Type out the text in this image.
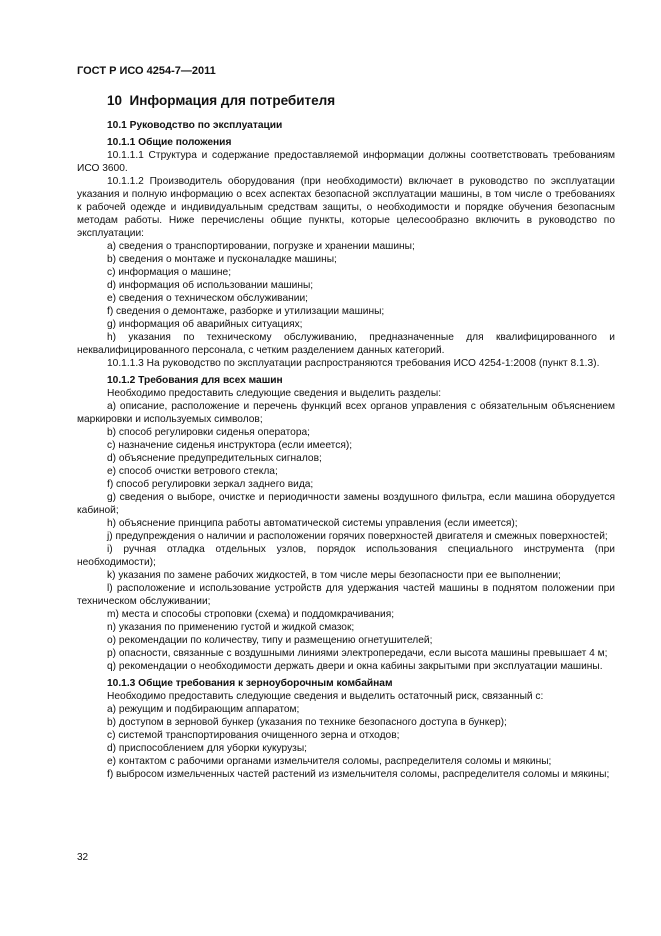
ГОСТ Р ИСО 4254-7—2011
10 Информация для потребителя
10.1 Руководство по эксплуатации
10.1.1 Общие положения

10.1.1.1 Структура и содержание предоставляемой информации должны соответствовать требованиям ИСО 3600.

10.1.1.2 Производитель оборудования (при необходимости) включает в руководство по эксплуатации указания и полную информацию о всех аспектах безопасной эксплуатации машины, в том числе о требованиях к рабочей одежде и индивидуальным средствам защиты, о необходимости и порядке обучения безопасным методам работы. Ниже перечислены общие пункты, которые целесообразно включить в руководство по эксплуатации:

a) сведения о транспортировании, погрузке и хранении машины;
b) сведения о монтаже и пусконаладке машины;
c) информация о машине;
d) информация об использовании машины;
e) сведения о техническом обслуживании;
f) сведения о демонтаже, разборке и утилизации машины;
g) информация об аварийных ситуациях;
h) указания по техническому обслуживанию, предназначенные для квалифицированного и неквалифицированного персонала, с четким разделением данных категорий.

10.1.1.3 На руководство по эксплуатации распространяются требования ИСО 4254-1:2008 (пункт 8.1.3).

10.1.2 Требования для всех машин

Необходимо предоставить следующие сведения и выделить разделы:

a) описание, расположение и перечень функций всех органов управления с обязательным объяснением маркировки и используемых символов;
b) способ регулировки сиденья оператора;
c) назначение сиденья инструктора (если имеется);
d) объяснение предупредительных сигналов;
e) способ очистки ветрового стекла;
f) способ регулировки зеркал заднего вида;
g) сведения о выборе, очистке и периодичности замены воздушного фильтра, если машина оборудуется кабиной;
h) объяснение принципа работы автоматической системы управления (если имеется);
j) предупреждения о наличии и расположении горячих поверхностей двигателя и смежных поверхностей;
i) ручная отладка отдельных узлов, порядок использования специального инструмента (при необходимости);
k) указания по замене рабочих жидкостей, в том числе меры безопасности при ее выполнении;
l) расположение и использование устройств для удержания частей машины в поднятом положении при техническом обслуживании;
m) места и способы строповки (схема) и поддомкрачивания;
n) указания по применению густой и жидкой смазок;
o) рекомендации по количеству, типу и размещению огнетушителей;
p) опасности, связанные с воздушными линиями электропередачи, если высота машины превышает 4 м;
q) рекомендации о необходимости держать двери и окна кабины закрытыми при эксплуатации машины.
10.1.3 Общие требования к зерноуборочным комбайнам

Необходимо предоставить следующие сведения и выделить остаточный риск, связанный с:

a) режущим и подбирающим аппаратом;
b) доступом в зерновой бункер (указания по технике безопасного доступа в бункер);
c) системой транспортирования очищенного зерна и отходов;
d) приспособлением для уборки кукурузы;
e) контактом с рабочими органами измельчителя соломы, распределителя соломы и мякины;
f) выбросом измельченных частей растений из измельчителя соломы, распределителя соломы и мякины;
32
